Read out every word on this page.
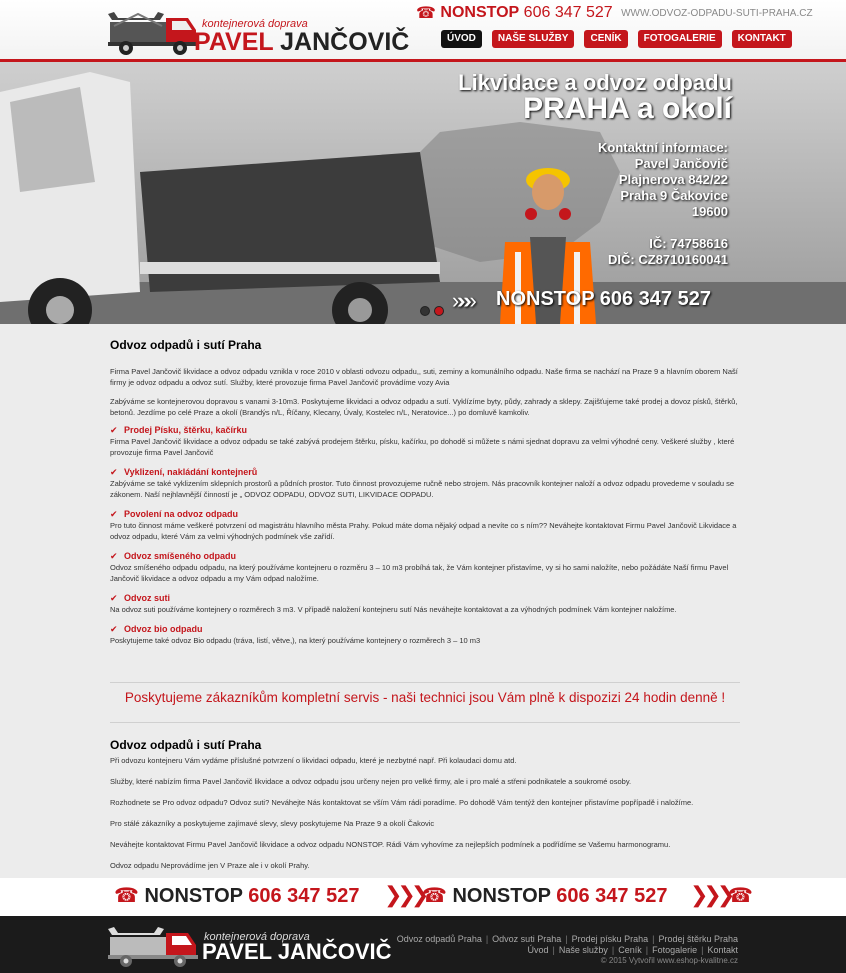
kontejnerová doprava
PAVEL JANČOVIČ
☎ NONSTOP 606 347 527 WWW.ODVOZ-ODPADU-SUTI-PRAHA.CZ
ÚVOD	NAŠE SLUŽBY	CENÍK	FOTOGALERIE	KONTAKT
Likvidace a odvoz odpadu
PRAHA a okolí
Kontaktní informace:
Pavel Jančovič
Plajnerova 842/22
Praha 9 Čakovice
19600
IČ: 74758616
DIČ: CZ8710160041
»»» NONSTOP 606 347 527
Odvoz odpadů i sutí Praha

Firma Pavel Jančovič likvidace a odvoz odpadu vznikla v roce 2010 v oblasti odvozu odpadu,, suti, zeminy a komunálního odpadu. Naše firma se nachází na Praze 9 a hlavním oborem Naší firmy je odvoz odpadu a odvoz sutí. Služby, které provozuje firma Pavel Jančovič provádíme vozy Avia

Zabýváme se kontejnerovou dopravou s vanami 3-10m3. Poskytujeme likvidaci a odvoz odpadu a sutí. Vyklízíme byty, půdy, zahrady a sklepy. Zajišťujeme také prodej a dovoz písků, štěrků, betonů. Jezdíme po celé Praze a okolí (Brandýs n/L, Říčany, Klecany, Úvaly, Kostelec n/L, Neratovice...) po domluvě kamkoliv.

✔ Prodej Písku, štěrku, kačírku

Firma Pavel Jančovič likvidace a odvoz odpadu se také zabývá prodejem štěrku, písku, kačírku, po dohodě si můžete s námi sjednat dopravu za velmi výhodné ceny. Veškeré služby , které provozuje firma Pavel Jančovič

✔ Vyklizení, nakládání kontejnerů

Zabýváme se také vyklizením sklepních prostorů a půdních prostor. Tuto činnost provozujeme ručně nebo strojem. Nás pracovník kontejner naloží a odvoz odpadu provedeme v souladu se zákonem. Naší nejhlavnější činností je „ ODVOZ ODPADU, ODVOZ SUTI, LIKVIDACE ODPADU.

✔ Povolení na odvoz odpadu

Pro tuto činnost máme veškeré potvrzení od magistrátu hlavního města Prahy. Pokud máte doma nějaký odpad a nevíte co s ním?? Neváhejte kontaktovat Firmu Pavel Jančovič Likvidace a odvoz odpadu, které Vám za velmi výhodných podmínek vše zařídí.

✔ Odvoz smíšeného odpadu

Odvoz smíšeného odpadu odpadu, na který používáme kontejneru o rozměru 3 – 10 m3 probíhá tak, že Vám kontejner přistavíme, vy si ho sami naložíte, nebo požádáte Naší firmu Pavel Jančovič likvidace a odvoz odpadu a my Vám odpad naložíme.

✔ Odvoz suti

Na odvoz suti používáme kontejnery o rozměrech 3 m3. V případě naložení kontejneru sutí Nás neváhejte kontaktovat a za výhodných podmínek Vám kontejner naložíme.

✔ Odvoz bio odpadu

Poskytujeme také odvoz Bio odpadu (tráva, listí, větve,), na který používáme kontejnery o rozměrech 3 – 10 m3

Poskytujeme zákazníkům kompletní servis - naši technici jsou Vám plně k dispozizi 24 hodin denně !
Odvoz odpadů i sutí Praha

Při odvozu kontejneru Vám vydáme příslušné potvrzení o likvidaci odpadu, které je nezbytné např. Při kolaudaci domu atd.

Služby, které nabízím firma Pavel Jančovič likvidace a odvoz odpadu jsou určeny nejen pro velké firmy, ale i pro malé a střeni podnikatele a soukromé osoby.

Rozhodnete se Pro odvoz odpadu? Odvoz suti? Neváhejte Nás kontaktovat se vším Vám rádi poradíme. Po dohodě Vám tentýž den kontejner přistavíme popřípadě i naložíme.

Pro stálé zákazníky a poskytujeme zajímavé slevy, slevy poskytujeme Na Praze 9 a okolí Čakovic

Neváhejte kontaktovat Firmu Pavel Jančovič likvidace a odvoz odpadu NONSTOP. Rádi Vám vyhovíme za nejlepších podmínek a podřídíme se Vašemu harmonogramu.

Odvoz odpadu Neprovádíme jen V Praze ale i v okolí Prahy.

☎ NONSTOP 606 347 527 ❯❯❯
☎ NONSTOP 606 347 527 ❯❯❯
☎
kontejnerová doprava
PAVEL JANČOVIČ Odvoz odpadů Praha | Odvoz suti Praha | Prodej písku Praha | Prodej štěrku Praha
Úvod | Naše služby | Ceník | Fotogalerie | Kontakt
© 2015 Vytvořil www.eshop-kvalitne.cz
